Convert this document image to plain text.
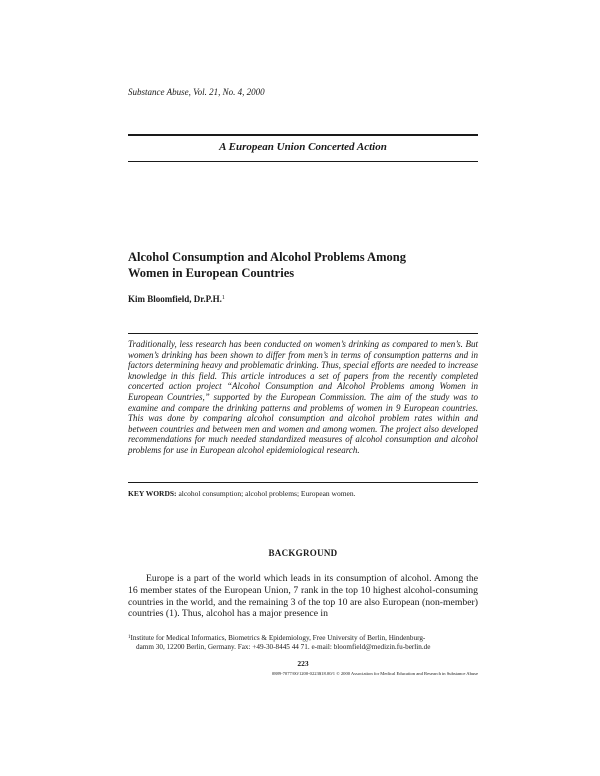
Substance Abuse, Vol. 21, No. 4, 2000
A European Union Concerted Action
Alcohol Consumption and Alcohol Problems Among
Women in European Countries
Kim Bloomfield, Dr.P.H.$^1$
Traditionally, less research has been conducted on women’s drinking as compared to men’s. But women’s drinking has been shown to differ from men’s in terms of consumption patterns and in factors determining heavy and problematic drinking. Thus, special efforts are needed to increase knowledge in this field. This article introduces a set of papers from the recently completed concerted action project “Alcohol Consumption and Alcohol Problems among Women in European Countries,” supported by the European Commission. The aim of the study was to examine and compare the drinking patterns and problems of women in 9 European countries. This was done by comparing alcohol consumption and alcohol problem rates within and between countries and between men and women and among women. The project also developed recommendations for much needed standardized measures of alcohol consumption and alcohol problems for use in European alcohol epidemiological research.
KEY WORDS: alcohol consumption; alcohol problems; European women.
BACKGROUND
Europe is a part of the world which leads in its consumption of alcohol. Among the 16 member states of the European Union, 7 rank in the top 10 highest alcohol-consuming countries in the world, and the remaining 3 of the top 10 are also European (non-member) countries (1). Thus, alcohol has a major presence in
$^1$Institute for Medical Informatics, Biometrics & Epidemiology, Free University of Berlin, Hindenburg-
damm 30, 12200 Berlin, Germany. Fax: +49-30-8445 44 71. e-mail: bloomfield@medizin.fu-berlin.de
223
0889-7077/00/1200-0223$18.00/1 © 2000 Association for Medical Education and Research in Substance Abuse
